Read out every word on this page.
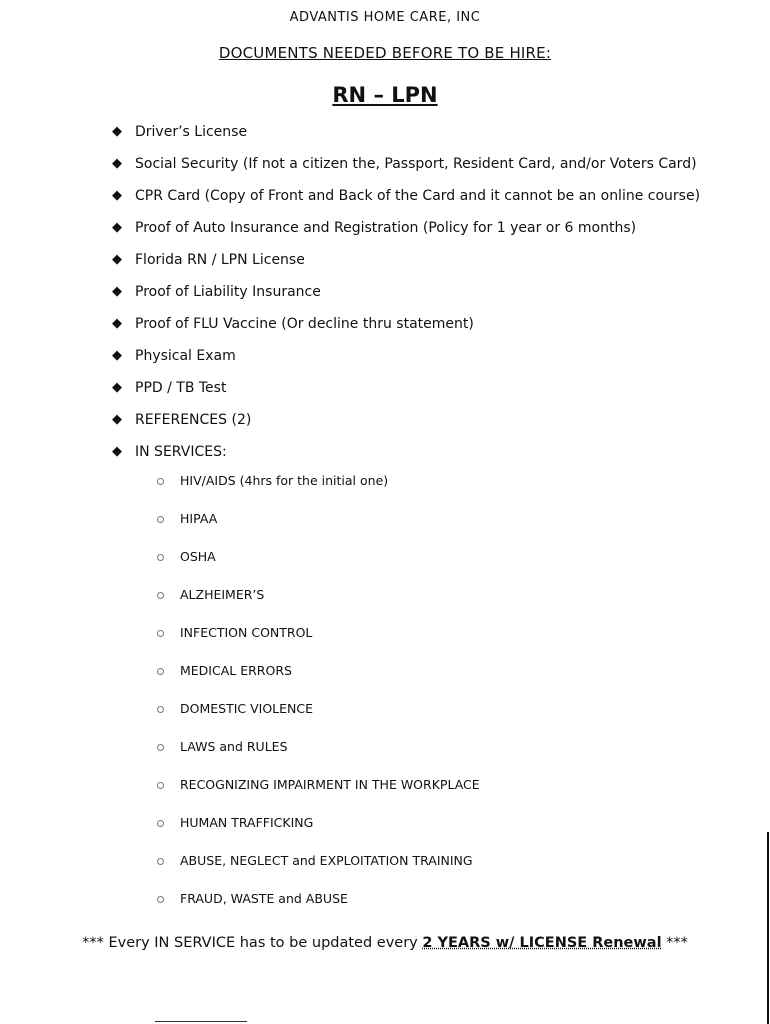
ADVANTIS HOME CARE, INC
DOCUMENTS NEEDED BEFORE TO BE HIRE:
RN – LPN
◆ Driver’s License
◆ Social Security (If not a citizen the, Passport, Resident Card, and/or Voters Card)
◆ CPR Card (Copy of Front and Back of the Card and it cannot be an online course)
◆ Proof of Auto Insurance and Registration (Policy for 1 year or 6 months)
◆ Florida RN / LPN License
◆ Proof of Liability Insurance
◆ Proof of FLU Vaccine (Or decline thru statement)
◆ Physical Exam
◆ PPD / TB Test
◆ REFERENCES (2)
◆ IN SERVICES:
HIV/AIDS (4hrs for the initial one)
HIPAA
OSHA
ALZHEIMER’S
INFECTION CONTROL
MEDICAL ERRORS
DOMESTIC VIOLENCE
LAWS and RULES
RECOGNIZING IMPAIRMENT IN THE WORKPLACE
HUMAN TRAFFICKING
ABUSE, NEGLECT and EXPLOITATION TRAINING
FRAUD, WASTE and ABUSE
*** Every IN SERVICE has to be updated every 2 YEARS w/ LICENSE Renewal ***
